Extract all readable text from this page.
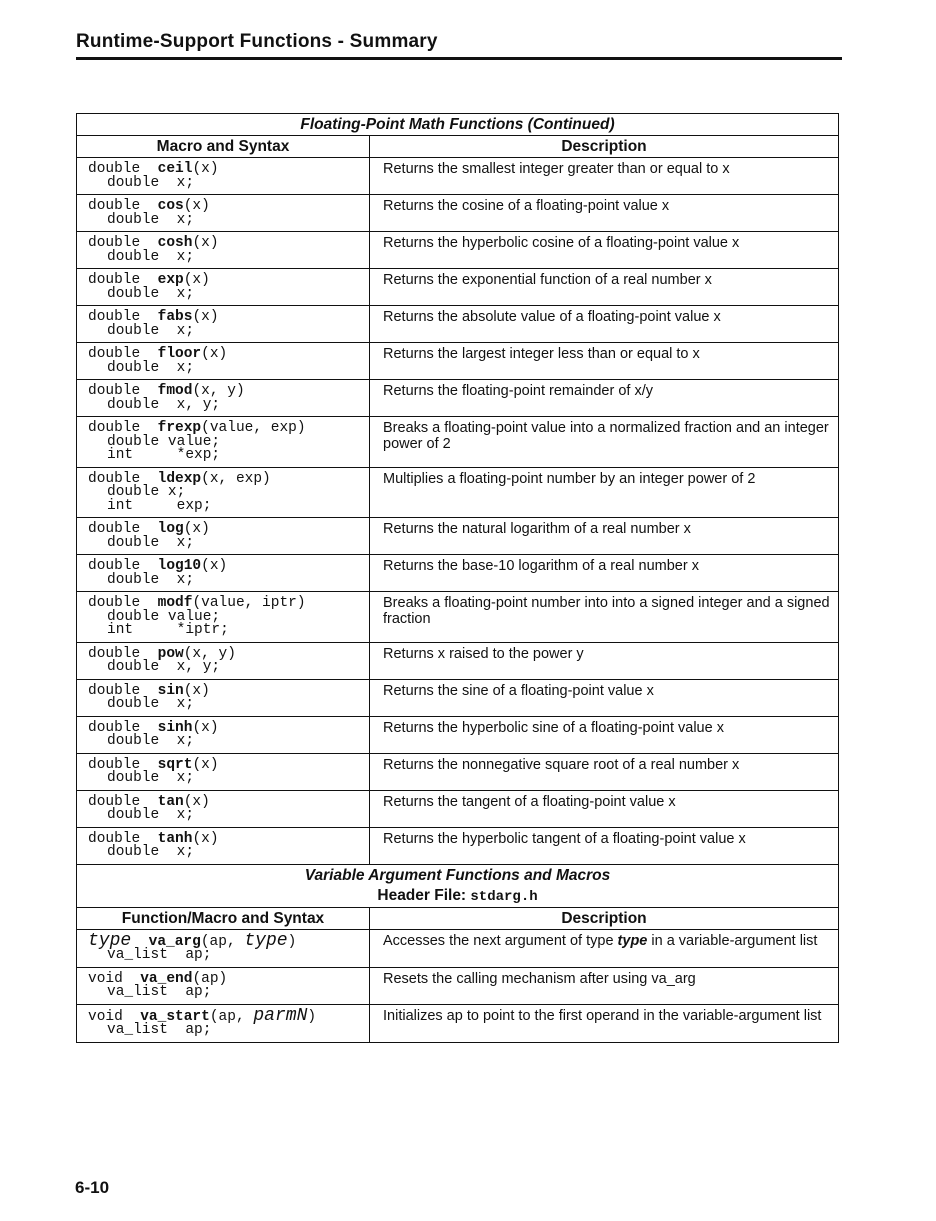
Runtime-Support Functions - Summary
Floating-Point Math Functions (Continued)	
Macro and Syntax	Description

double ceil(x)
double  x;	Returns the smallest integer greater than or equal to x

double cos(x)
double  x;	Returns the cosine of a floating-point value x

double cosh(x)
double  x;	Returns the hyperbolic cosine of a floating-point value x

double exp(x)
double  x;	Returns the exponential function of a real number x

double fabs(x)
double  x;	Returns the absolute value of a floating-point value x

double floor(x)
double  x;	Returns the largest integer less than or equal to x

double fmod(x, y)
double  x, y;	Returns the floating-point remainder of x/y

double frexp(value, exp)
double value;
int     *exp;	Breaks a floating-point value into a normalized fraction and an integer power of 2

double ldexp(x, exp)
double x;
int     exp;	Multiplies a floating-point number by an integer power of 2

double log(x)
double  x;	Returns the natural logarithm of a real number x

double log10(x)
double  x;	Returns the base-10 logarithm of a real number x

double modf(value, iptr)
double value;
int     *iptr;	Breaks a floating-point number into into a signed integer and a signed fraction

double pow(x, y)
double  x, y;	Returns x raised to the power y

double sin(x)
double  x;	Returns the sine of a floating-point value x

double sinh(x)
double  x;	Returns the hyperbolic sine of a floating-point value x

double sqrt(x)
double  x;	Returns the nonnegative square root of a real number x

double tan(x)
double  x;	Returns the tangent of a floating-point value x

double tanh(x)
double  x;	Returns the hyperbolic tangent of a floating-point value x

Variable Argument Functions and Macros
Header File: stdarg.h	

Function/Macro and Syntax	Description

type va_arg(ap, type)
va_list  ap;	Accesses the next argument of type type in a variable-argument list

void va_end(ap)
va_list  ap;	Resets the calling mechanism after using va_arg

void va_start(ap, parmN)
va_list  ap;	Initializes ap to point to the first operand in the variable-argument list
6-10
